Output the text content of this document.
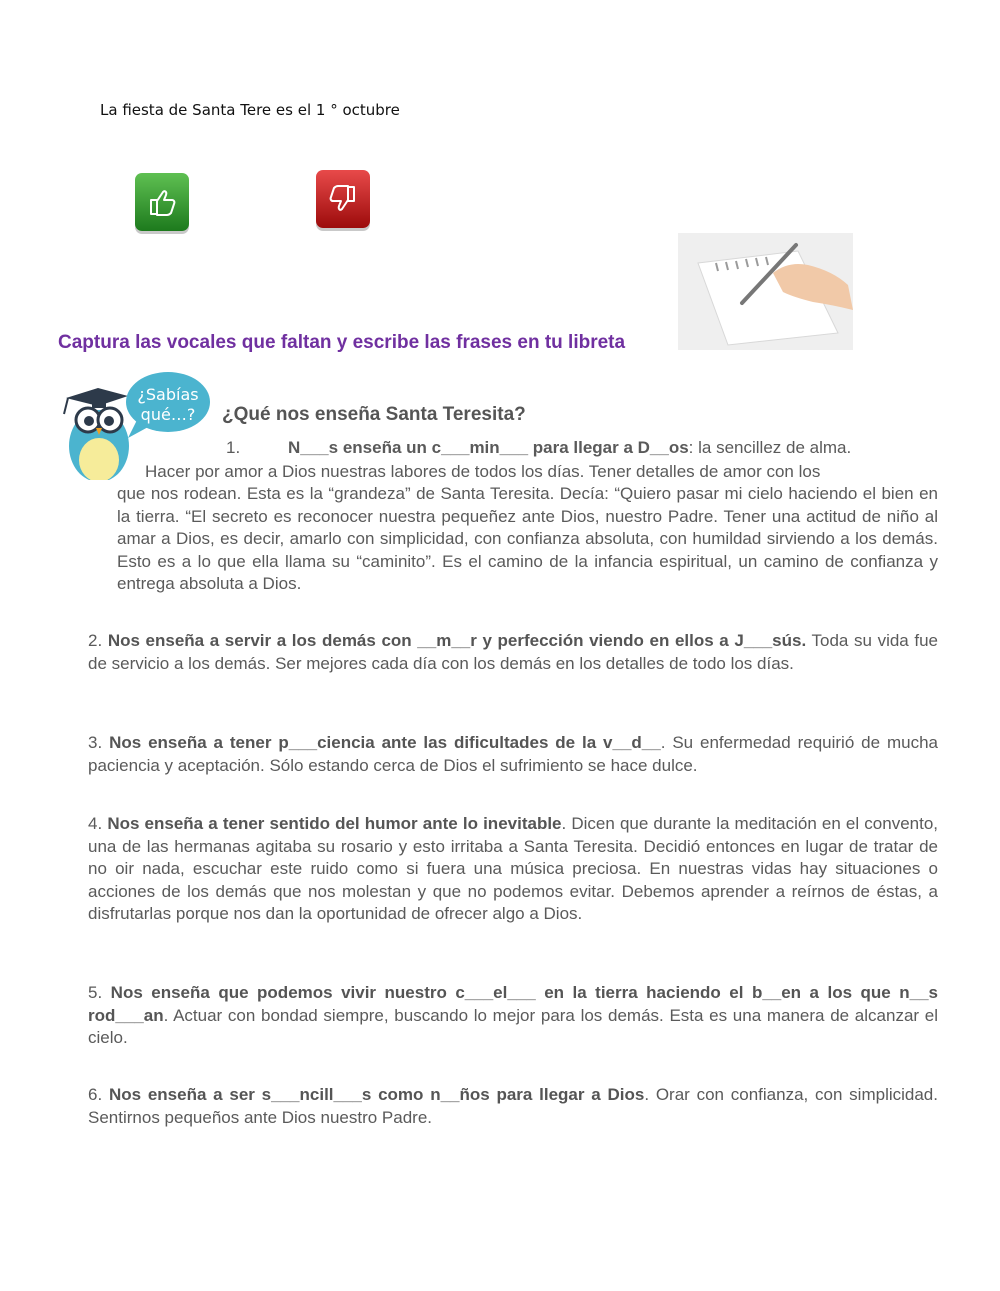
La fiesta de Santa Tere es el 1 ° octubre
Captura las vocales que faltan y escribe las frases en tu libreta
¿Sabías
qué…? ¿Qué nos enseña Santa Teresita?
1.	N___s enseña un c___min___ para llegar a D__os: la sencillez de alma.
Hacer por amor a Dios nuestras labores de todos los días. Tener detalles de amor con los
que nos rodean. Esta es la “grandeza” de Santa Teresita. Decía: “Quiero pasar mi cielo haciendo el bien en la tierra. “El secreto es reconocer nuestra pequeñez ante Dios, nuestro Padre. Tener una actitud de niño al amar a Dios, es decir, amarlo con simplicidad, con confianza absoluta, con humildad sirviendo a los demás. Esto es a lo que ella llama su “caminito”. Es el camino de la infancia espiritual, un camino de confianza y entrega absoluta a Dios.
2. Nos enseña a servir a los demás con __m__r y perfección viendo en ellos a J___sús. Toda su vida fue de servicio a los demás. Ser mejores cada día con los demás en los detalles de todo los días.
3. Nos enseña a tener p___ciencia ante las dificultades de la v__d__. Su enfermedad requirió de mucha paciencia y aceptación. Sólo estando cerca de Dios el sufrimiento se hace dulce.
4. Nos enseña a tener sentido del humor ante lo inevitable. Dicen que durante la meditación en el convento, una de las hermanas agitaba su rosario y esto irritaba a Santa Teresita. Decidió entonces en lugar de tratar de no oir nada, escuchar este ruido como si fuera una música preciosa. En nuestras vidas hay situaciones o acciones de los demás que nos molestan y que no podemos evitar. Debemos aprender a reírnos de éstas, a disfrutarlas porque nos dan la oportunidad de ofrecer algo a Dios.
5. Nos enseña que podemos vivir nuestro c___el___ en la tierra haciendo el b__en a los que n__s rod___an. Actuar con bondad siempre, buscando lo mejor para los demás. Esta es una manera de alcanzar el cielo.
6. Nos enseña a ser s___ncill___s como n__ños para llegar a Dios. Orar con confianza, con simplicidad. Sentirnos pequeños ante Dios nuestro Padre.
